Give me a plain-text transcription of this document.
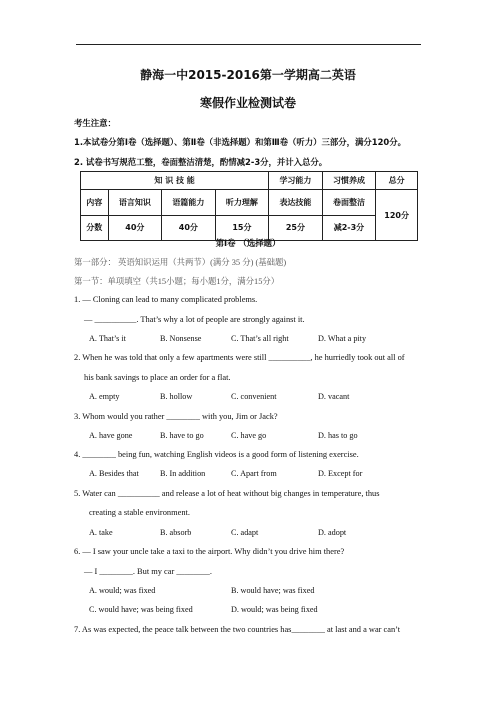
静海一中2015-2016第一学期高二英语
寒假作业检测试卷
考生注意：
1.本试卷分第Ⅰ卷（选择题）、第Ⅱ卷（非选择题）和第Ⅲ卷（听力）三部分，满分120分。
2. 试卷书写规范工整，卷面整洁清楚，酌情减2-3分，并计入总分。
知 识 技 能				学习能力	习惯养成	总分
内容	语言知识	语篇能力	听力理解	表达技能	卷面整洁	120分
分数	40分	40分	15分	25分	减2-3分	
第Ⅰ卷 （选择题）
第一部分： 英语知识运用（共两节）(满分 35 分) (基础题)
第一节：单项填空（共15小题；每小题1分，满分15分）
1. — Cloning can lead to many complicated problems.
— __________. That’s why a lot of people are strongly against it.
A. That’s it	B. Nonsense	C. That’s all right	D. What a pity
2. When he was told that only a few apartments were still __________, he hurriedly took out all of
his bank savings to place an order for a flat.
A. empty	B. hollow	C. convenient	D. vacant
3. Whom would you rather ________ with you, Jim or Jack?
A. have gone	B. have to go	C. have go	D. has to go
4. ________ being fun, watching English videos is a good form of listening exercise.
A. Besides that	B. In addition	C. Apart from	D. Except for
5. Water can __________ and release a lot of heat without big changes in temperature, thus
creating a stable environment.
A. take	B. absorb	C. adapt	D. adopt
6. — I saw your uncle take a taxi to the airport. Why didn’t you drive him there?
— I ________. But my car ________.
A. would; was fixed	B. would have; was fixed
C. would have; was being fixed	D. would; was being fixed
7. As was expected, the peace talk between the two countries has________ at last and a war can’t
